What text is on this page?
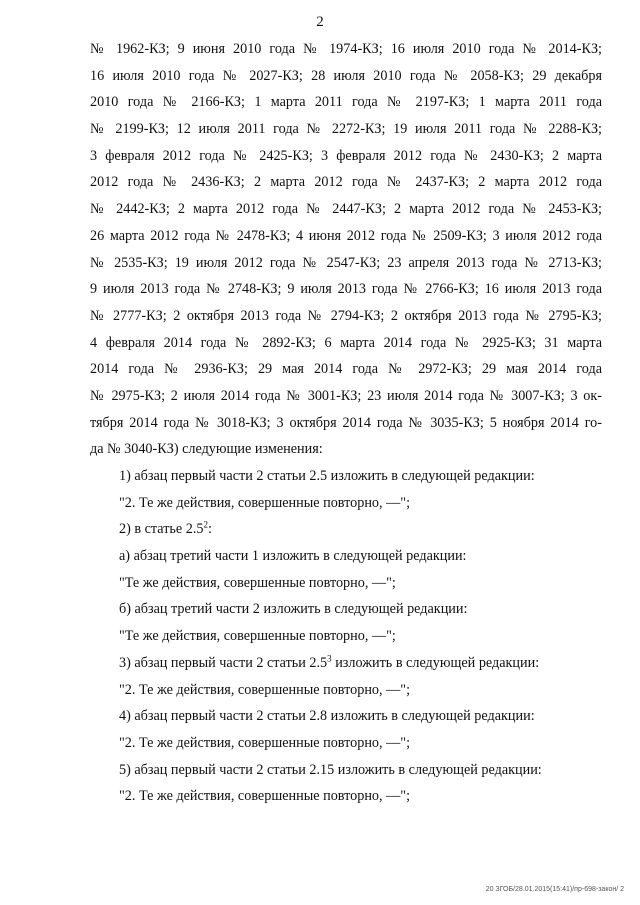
2
№ 1962-КЗ; 9 июня 2010 года № 1974-КЗ; 16 июля 2010 года № 2014-КЗ;
16 июля 2010 года № 2027-КЗ; 28 июля 2010 года № 2058-КЗ; 29 декабря
2010 года № 2166-КЗ; 1 марта 2011 года № 2197-КЗ; 1 марта 2011 года
№ 2199-КЗ; 12 июля 2011 года № 2272-КЗ; 19 июля 2011 года № 2288-КЗ;
3 февраля 2012 года № 2425-КЗ; 3 февраля 2012 года № 2430-КЗ; 2 марта
2012 года № 2436-КЗ; 2 марта 2012 года № 2437-КЗ; 2 марта 2012 года
№ 2442-КЗ; 2 марта 2012 года № 2447-КЗ; 2 марта 2012 года № 2453-КЗ;
26 марта 2012 года № 2478-КЗ; 4 июня 2012 года № 2509-КЗ; 3 июля 2012 года
№ 2535-КЗ; 19 июля 2012 года № 2547-КЗ; 23 апреля 2013 года № 2713-КЗ;
9 июля 2013 года № 2748-КЗ; 9 июля 2013 года № 2766-КЗ; 16 июля 2013 года
№ 2777-КЗ; 2 октября 2013 года № 2794-КЗ; 2 октября 2013 года № 2795-КЗ;
4 февраля 2014 года № 2892-КЗ; 6 марта 2014 года № 2925-КЗ; 31 марта
2014 года № 2936-КЗ; 29 мая 2014 года № 2972-КЗ; 29 мая 2014 года
№ 2975-КЗ; 2 июля 2014 года № 3001-КЗ; 23 июля 2014 года № 3007-КЗ; 3 ок-
тября 2014 года № 3018-КЗ; 3 октября 2014 года № 3035-КЗ; 5 ноября 2014 го-
да № 3040-КЗ) следующие изменения:
1) абзац первый части 2 статьи 2.5 изложить в следующей редакции:
"2. Те же действия, совершенные повторно, —";
2) в статье $2.5^2$:
а) абзац третий части 1 изложить в следующей редакции:
"Те же действия, совершенные повторно, —";
б) абзац третий части 2 изложить в следующей редакции:
"Те же действия, совершенные повторно, —";
3) абзац первый части 2 статьи $2.5^3$ изложить в следующей редакции:
"2. Те же действия, совершенные повторно, —";
4) абзац первый части 2 статьи 2.8 изложить в следующей редакции:
"2. Те же действия, совершенные повторно, —";
5) абзац первый части 2 статьи 2.15 изложить в следующей редакции:
"2. Те же действия, совершенные повторно, —";
20 ЗГОБ/28.01.2015(15:41)/пр-698-закон/ 2
